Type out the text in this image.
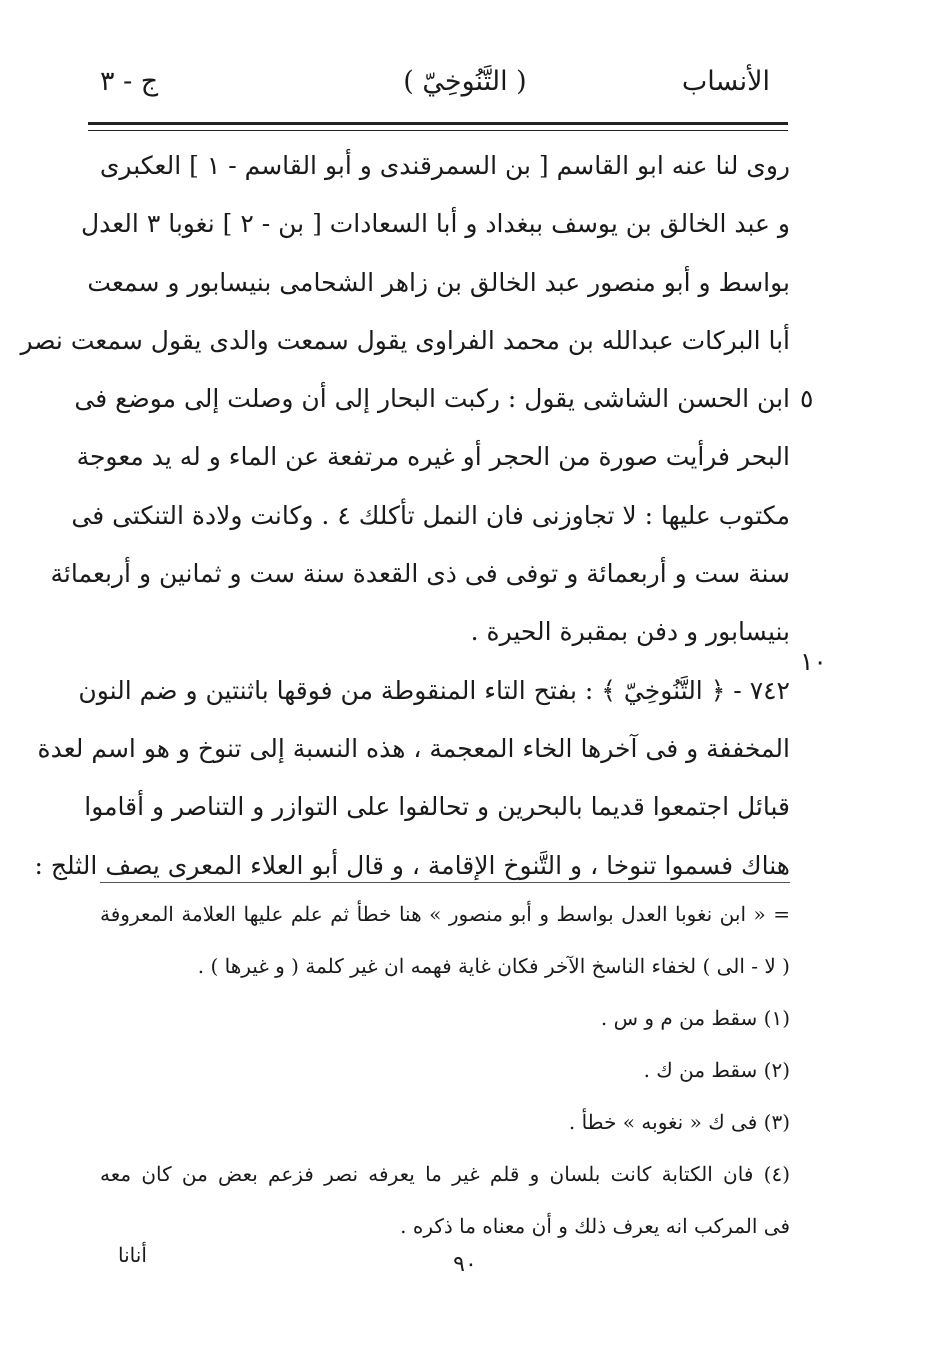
الأنساب
( التَّنُوخِيّ )
ج - ٣
روى لنا عنه ابو القاسم [ بن السمرقندى و أبو القاسم - ١ ] العكبرى
و عبد الخالق بن يوسف ببغداد و أبا السعادات [ بن - ٢ ] نغوبا ٣ العدل
بواسط و أبو منصور عبد الخالق بن زاهر الشحامى بنيسابور و سمعت
أبا البركات عبدالله بن محمد الفراوى يقول سمعت والدى يقول سمعت نصر
ابن الحسن الشاشى يقول : ركبت البحار إلى أن وصلت إلى موضع فى
البحر فرأيت صورة من الحجر أو غيره مرتفعة عن الماء و له يد معوجة
مكتوب عليها : لا تجاوزنى فان النمل تأكلك ٤ . وكانت ولادة التنكتى فى
سنة ست و أربعمائة و توفى فى ذى القعدة سنة ست و ثمانين و أربعمائة
بنيسابور و دفن بمقبرة الحيرة .
٧٤٢ - ﴿ التَّنُوخِيّ ﴾ : بفتح التاء المنقوطة من فوقها باثنتين و ضم النون
المخففة و فى آخرها الخاء المعجمة ، هذه النسبة إلى تنوخ و هو اسم لعدة
قبائل اجتمعوا قديما بالبحرين و تحالفوا على التوازر و التناصر و أقاموا
هناك فسموا تنوخا ، و التَّنوخ الإقامة ، و قال أبو العلاء المعرى يصف الثلج :
٥
١٠
= « ابن نغوبا العدل بواسط و أبو منصور » هنا خطأ ثم علم عليها العلامة المعروفة
( لا - الى ) لخفاء الناسخ الآخر فكان غاية فهمه ان غير كلمة ( و غيرها ) .
(١) سقط من م و س .
(٢) سقط من ك .
(٣) فى ك « نغوبه » خطأ .
(٤) فان الكتابة كانت بلسان و قلم غير ما يعرفه نصر فزعم بعض من كان معه
فى المركب انه يعرف ذلك و أن معناه ما ذكره .
أنانا	٩٠
